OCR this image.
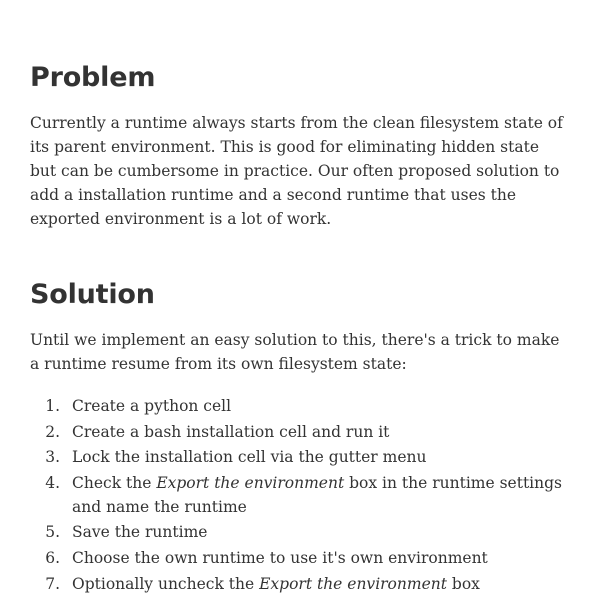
Problem

Currently a runtime always starts from the clean filesystem state of its parent environment. This is good for eliminating hidden state but can be cumbersome in practice. Our often proposed solution to add a installation runtime and a second runtime that uses the exported environment is a lot of work.

Solution

Until we implement an easy solution to this, there's a trick to make a runtime resume from its own filesystem state:

1. Create a python cell
2. Create a bash installation cell and run it
3. Lock the installation cell via the gutter menu
4. Check the Export the environment box in the runtime settings and name the runtime
5. Save the runtime
6. Choose the own runtime to use it's own environment
7. Optionally uncheck the Export the environment box
